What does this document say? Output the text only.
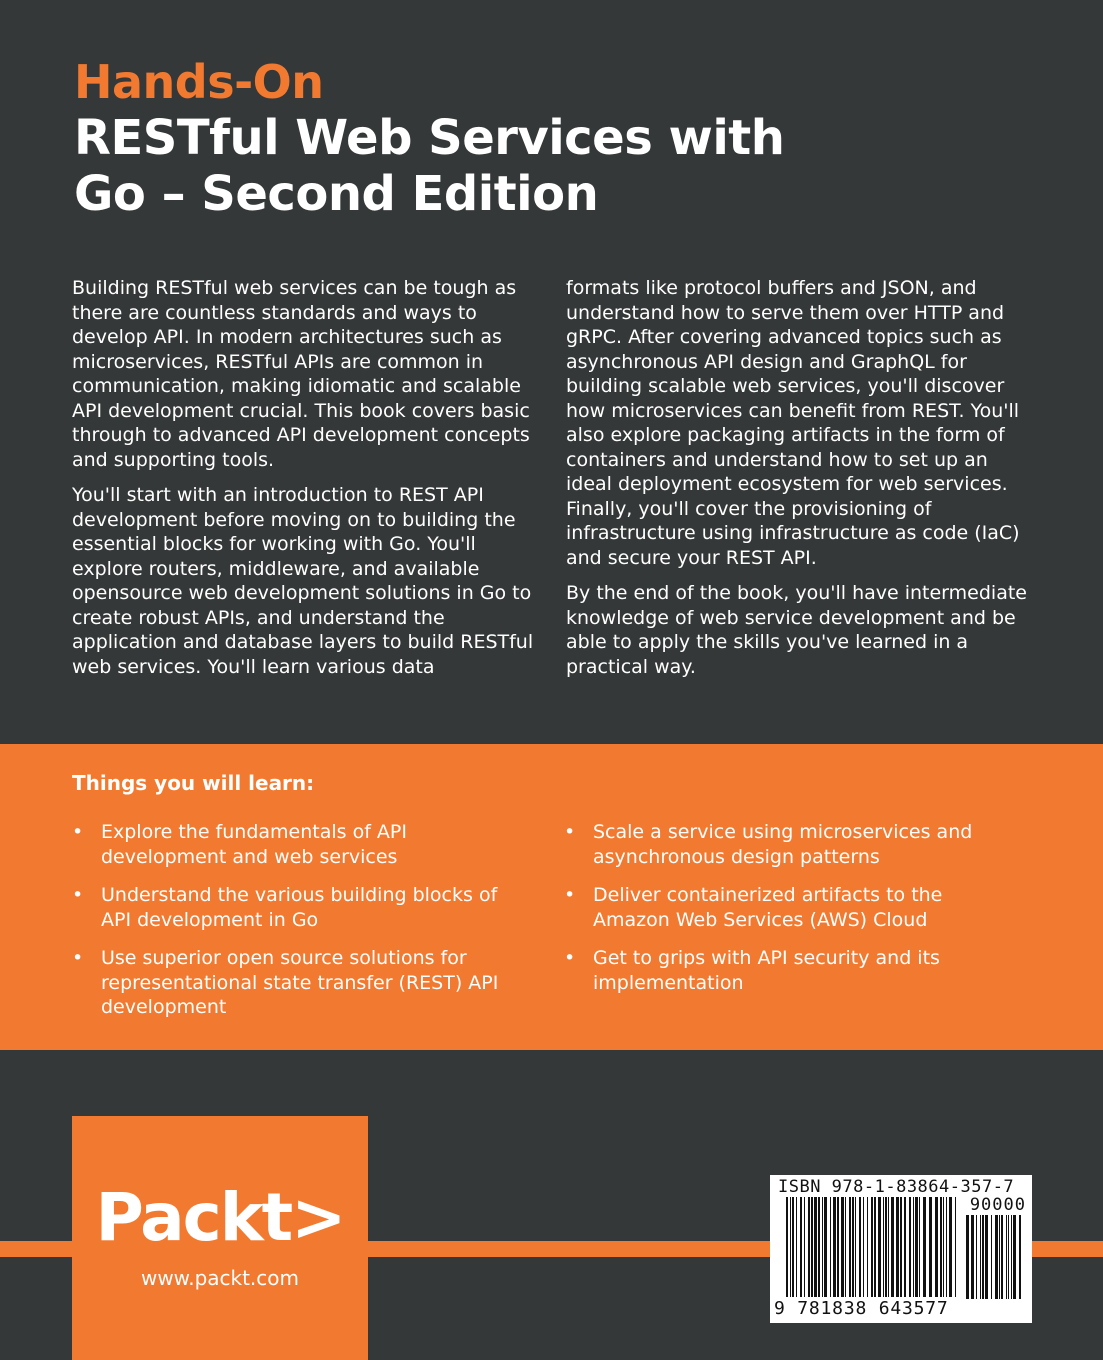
Hands-On
RESTful Web Services with
Go – Second Edition

Building RESTful web services can be tough as there are countless standards and ways to develop API. In modern architectures such as microservices, RESTful APIs are common in communication, making idiomatic and scalable API development crucial. This book covers basic through to advanced API development concepts and supporting tools.

You'll start with an introduction to REST API development before moving on to building the essential blocks for working with Go. You'll explore routers, middleware, and available opensource web development solutions in Go to create robust APIs, and understand the application and database layers to build RESTful web services. You'll learn various data

formats like protocol buffers and JSON, and understand how to serve them over HTTP and gRPC. After covering advanced topics such as asynchronous API design and GraphQL for building scalable web services, you'll discover how microservices can benefit from REST. You'll also explore packaging artifacts in the form of containers and understand how to set up an ideal deployment ecosystem for web services. Finally, you'll cover the provisioning of infrastructure using infrastructure as code (IaC) and secure your REST API.

By the end of the book, you'll have intermediate knowledge of web service development and be able to apply the skills you've learned in a practical way.

Things you will learn:
• Explore the fundamentals of API development and web services
• Understand the various building blocks of API development in Go
• Use superior open source solutions for representational state transfer (REST) API development
• Scale a service using microservices and asynchronous design patterns
• Deliver containerized artifacts to the Amazon Web Services (AWS) Cloud
• Get to grips with API security and its implementation
Packt>
www.packt.com
ISBN 978-1-83864-357-7
90000
9 781838 643577
